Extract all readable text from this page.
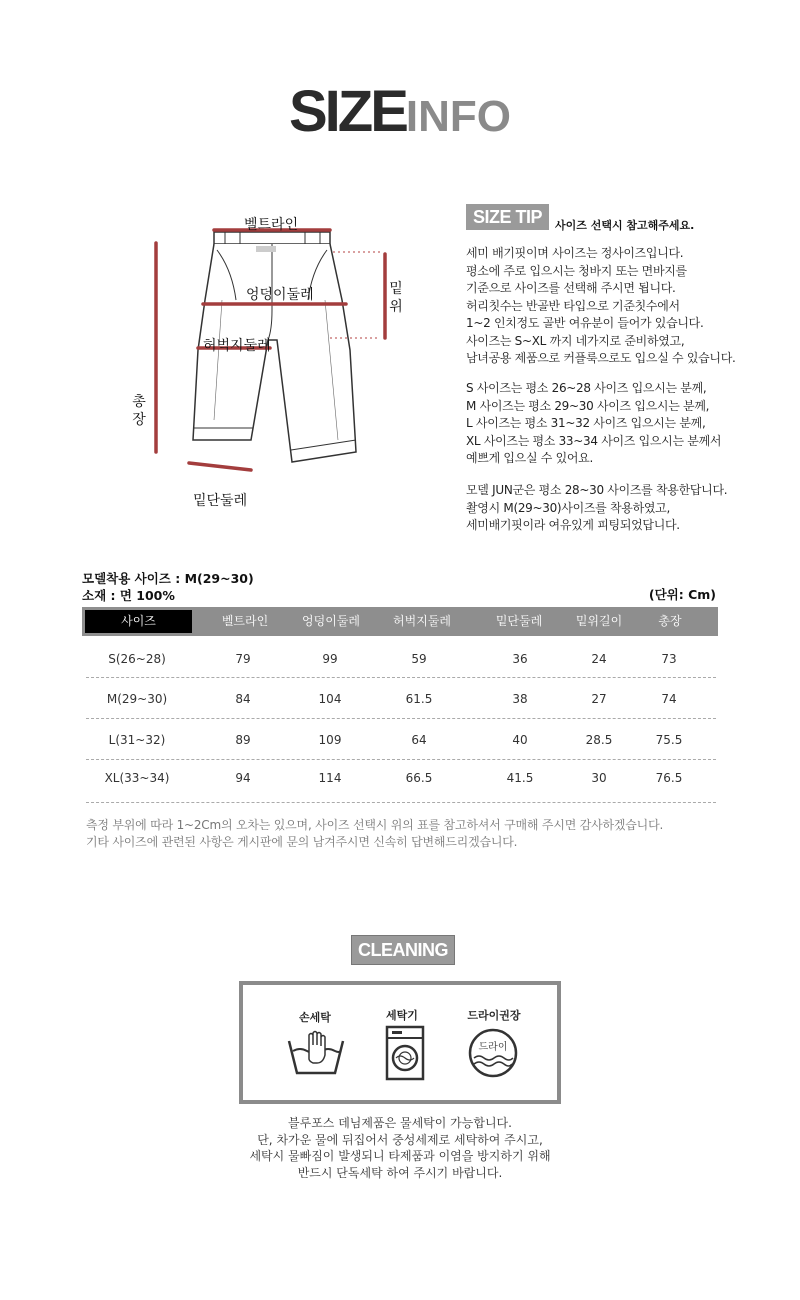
SIZEINFO
벨트라인
엉덩이둘레
허벅지둘레
밑위
총장
밑단둘레
SIZE TIP	사이즈 선택시 참고해주세요.
세미 배기핏이며 사이즈는 정사이즈입니다.
평소에 주로 입으시는 청바지 또는 면바지를
기준으로 사이즈를 선택해 주시면 됩니다.
허리칫수는 반골반 타입으로 기준칫수에서
1~2 인치정도 골반 여유분이 들어가 있습니다.
사이즈는 S~XL 까지 네가지로 준비하였고,
남녀공용 제품으로 커플룩으로도 입으실 수 있습니다.
S 사이즈는 평소 26~28 사이즈 입으시는 분께,
M 사이즈는 평소 29~30 사이즈 입으시는 분께,
L 사이즈는 평소 31~32 사이즈 입으시는 분께,
XL 사이즈는 평소 33~34 사이즈 입으시는 분께서
예쁘게 입으실 수 있어요.
모델 JUN군은 평소 28~30 사이즈를 착용한답니다.
촬영시 M(29~30)사이즈를 착용하였고,
세미배기핏이라 여유있게 피팅되었답니다.
모델착용 사이즈 : M(29~30)
소재 : 면 100%	(단위: Cm)
사이즈	벨트라인	엉덩이둘레	허벅지둘레	밑단둘레	밑위길이	총장
S(26~28)	79	99	59	36	24	73
M(29~30)	84	104	61.5	38	27	74
L(31~32)	89	109	64	40	28.5	75.5
XL(33~34)	94	114	66.5	41.5	30	76.5
측정 부위에 따라 1~2Cm의 오차는 있으며, 사이즈 선택시 위의 표를 참고하셔서 구매해 주시면 감사하겠습니다.
기타 사이즈에 관련된 사항은 게시판에 문의 남겨주시면 신속히 답변해드리겠습니다.
CLEANING
손세탁	세탁기	드라이권장
드라이
블루포스 데님제품은 물세탁이 가능합니다.
단, 차가운 물에 뒤집어서 중성세제로 세탁하여 주시고,
세탁시 물빠짐이 발생되니 타제품과 이염을 방지하기 위해
반드시 단독세탁 하여 주시기 바랍니다.
